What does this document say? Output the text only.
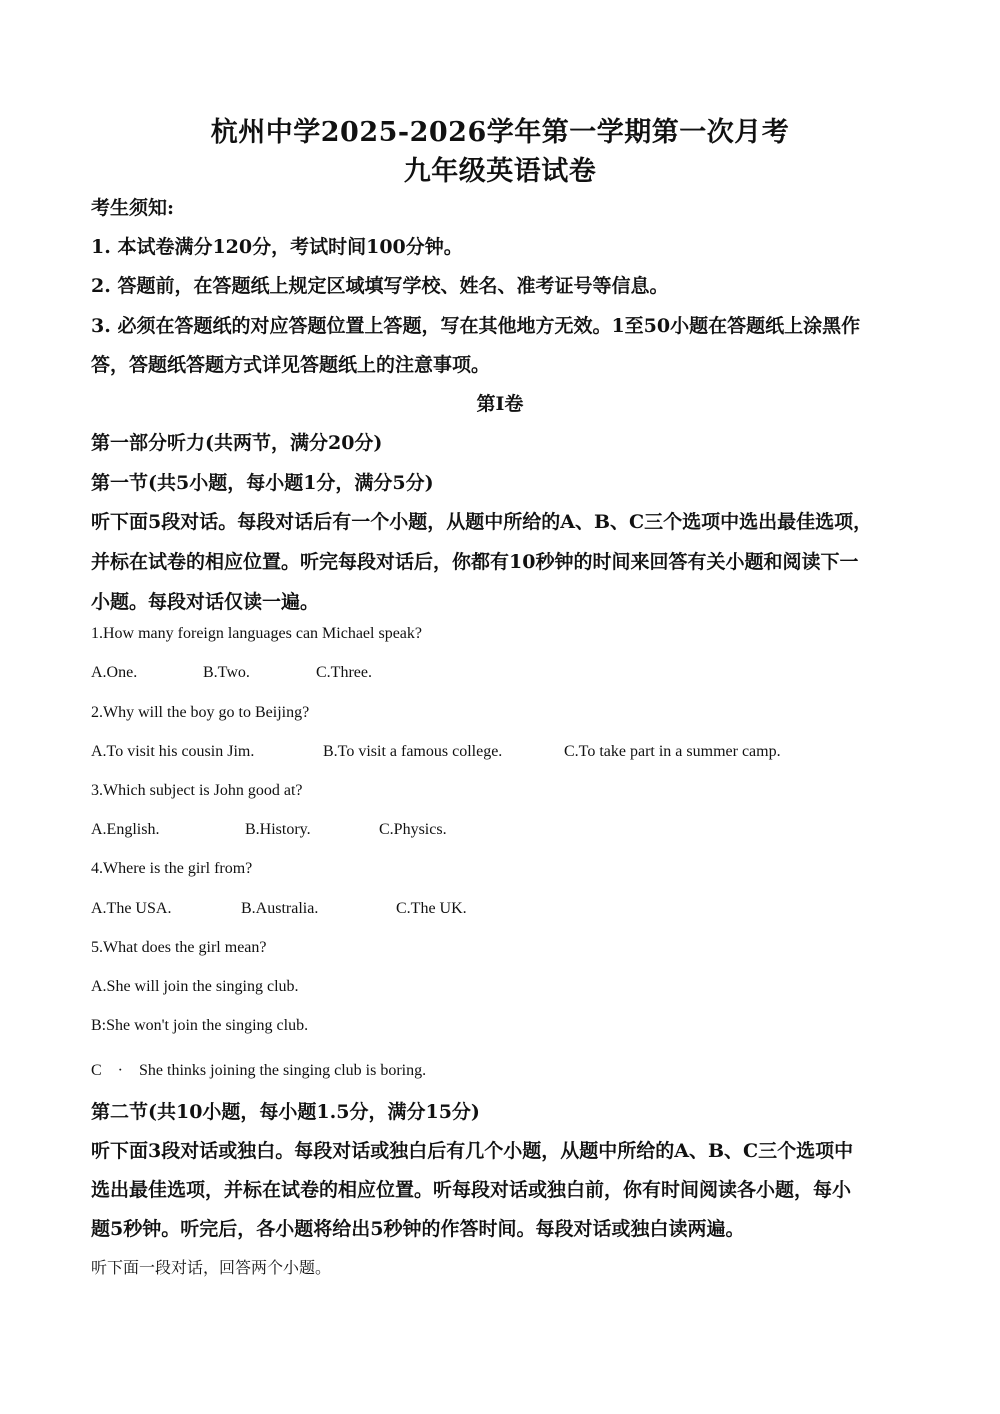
杭州中学2025-2026学年第一学期第一次月考
九年级英语试卷
考生须知:
1. 本试卷满分120分，考试时间100分钟。
2. 答题前，在答题纸上规定区域填写学校、姓名、准考证号等信息。
3. 必须在答题纸的对应答题位置上答题，写在其他地方无效。1至50小题在答题纸上涂黑作
答，答题纸答题方式详见答题纸上的注意事项。
第I卷
第一部分听力(共两节，满分20分)
第一节(共5小题，每小题1分，满分5分)
听下面5段对话。每段对话后有一个小题，从题中所给的A、B、C三个选项中选出最佳选项，
并标在试卷的相应位置。听完每段对话后，你都有10秒钟的时间来回答有关小题和阅读下一
小题。每段对话仅读一遍。
1.How many foreign languages can Michael speak?
A.One.	B.Two.	C.Three.
2.Why will the boy go to Beijing?
A.To visit his cousin Jim.	B.To visit a famous college.	C.To take part in a summer camp.
3.Which subject is John good at?
A.English.	B.History.	C.Physics.
4.Where is the girl from?
A.The USA.	B.Australia.	C.The UK.
5.What does the girl mean?
A.She will join the singing club.
B:She won't join the singing club.
C　·　She thinks joining the singing club is boring.
第二节(共10小题，每小题1.5分，满分15分)
听下面3段对话或独白。每段对话或独白后有几个小题，从题中所给的A、B、C三个选项中
选出最佳选项，并标在试卷的相应位置。听每段对话或独白前，你有时间阅读各小题，每小
题5秒钟。听完后，各小题将给出5秒钟的作答时间。每段对话或独白读两遍。
听下面一段对话，回答两个小题。
